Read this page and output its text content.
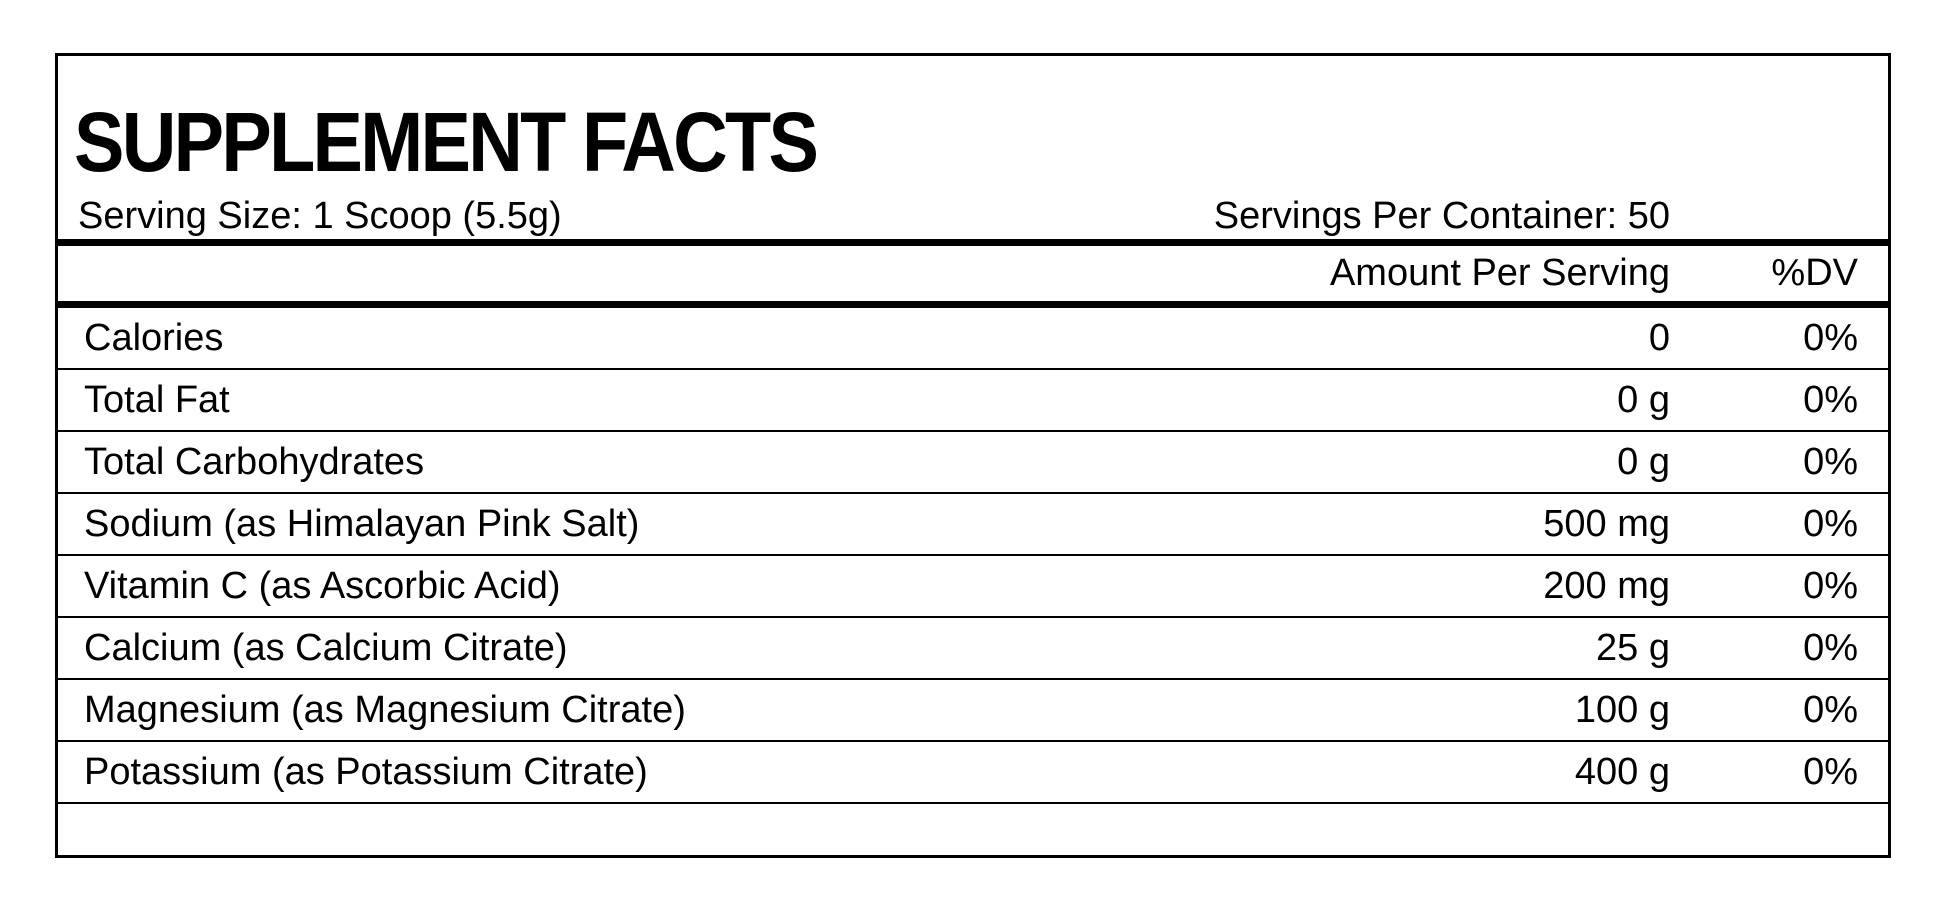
SUPPLEMENT FACTS
Serving Size: 1 Scoop (5.5g)	Servings Per Container: 50
Amount Per Serving	%DV
Calories	0	0%
Total Fat	0 g	0%
Total Carbohydrates	0 g	0%
Sodium (as Himalayan Pink Salt)	500 mg	0%
Vitamin C (as Ascorbic Acid)	200 mg	0%
Calcium (as Calcium Citrate)	25 g	0%
Magnesium (as Magnesium Citrate)	100 g	0%
Potassium (as Potassium Citrate)	400 g	0%
